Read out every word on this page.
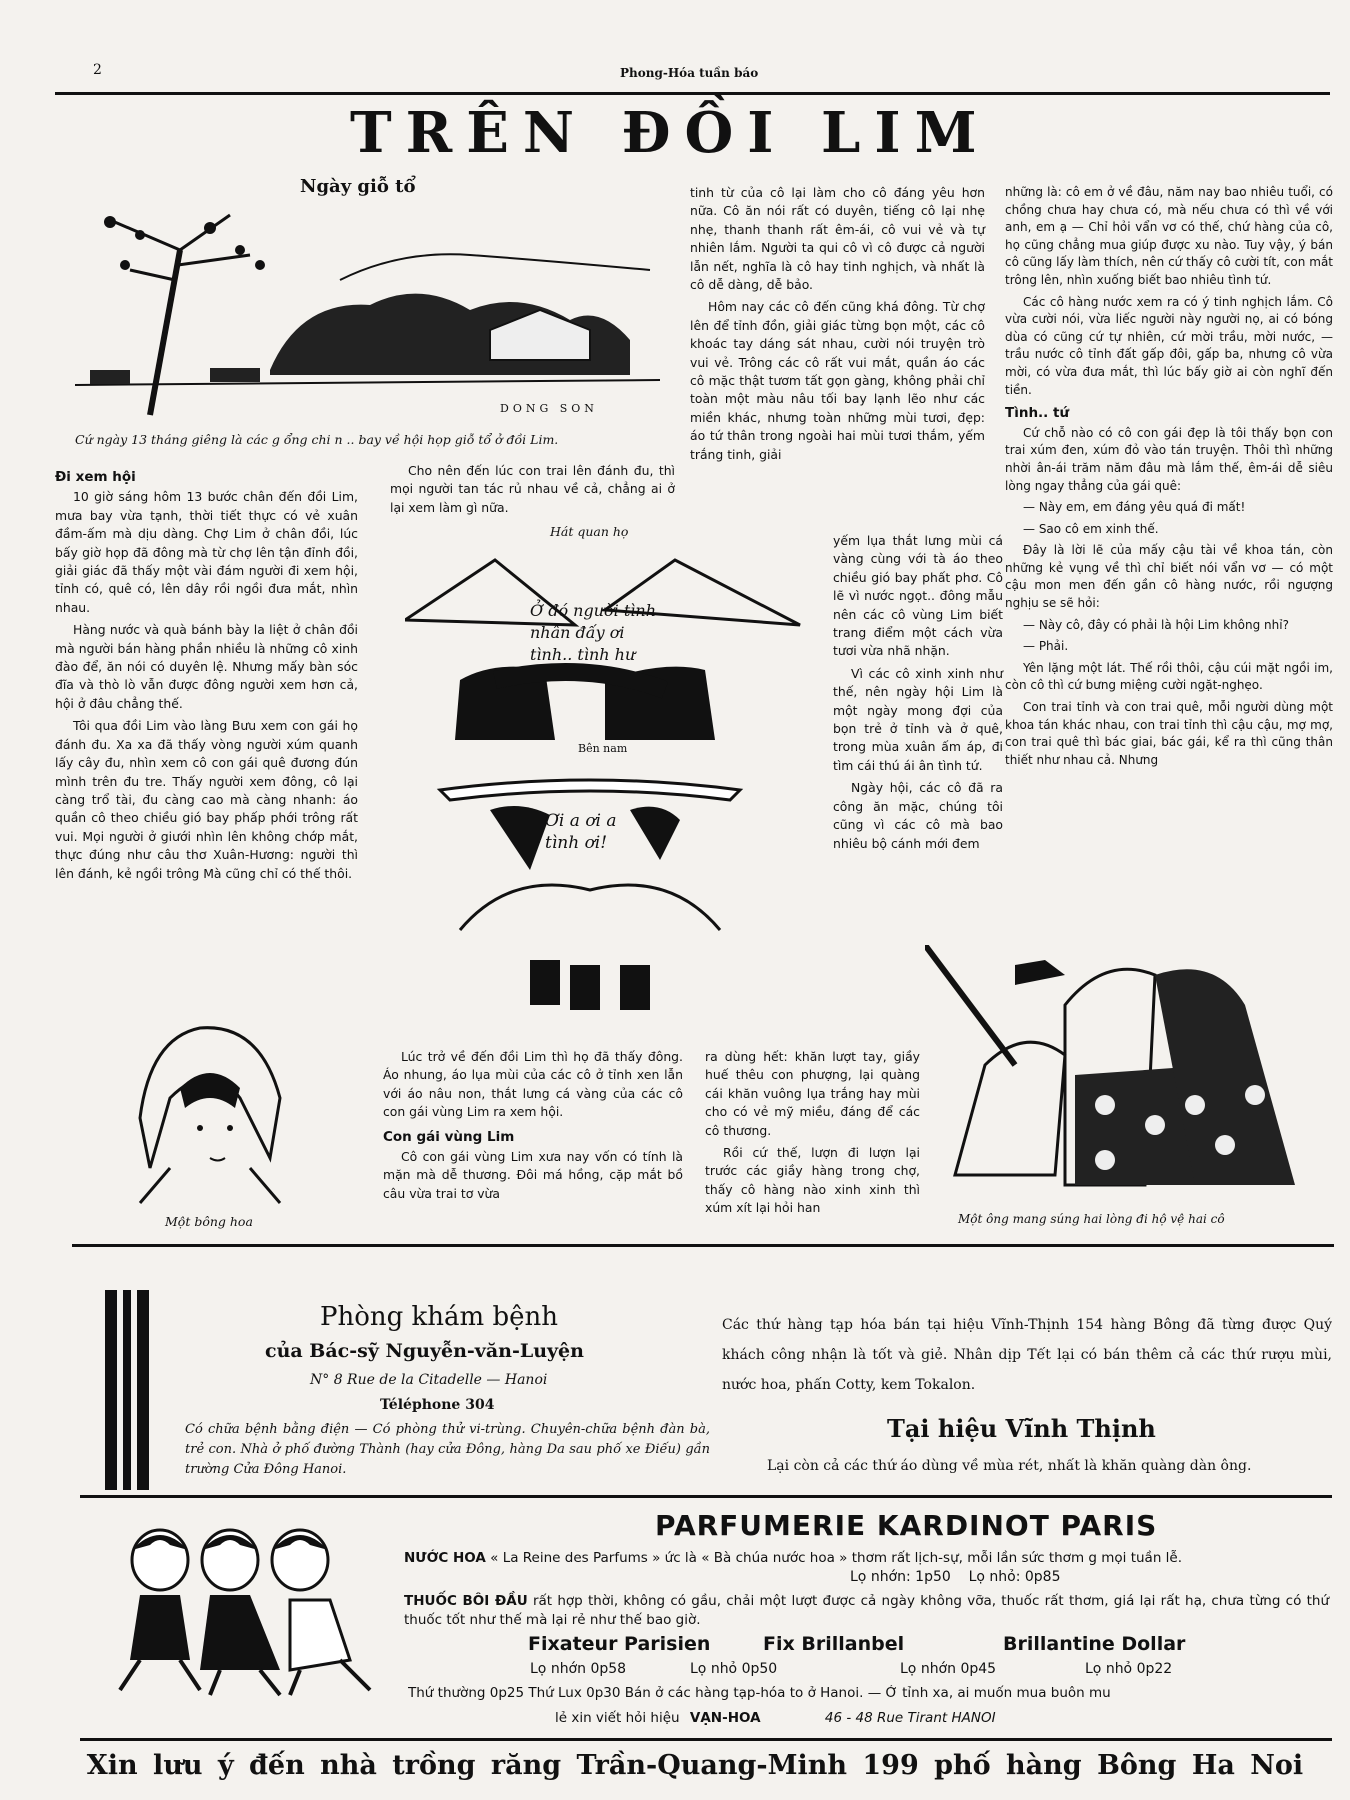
2	Phong-Hóa tuần báo
TRÊN ĐỒI LIM
Ngày giỗ tổ
DONG SON
Cứ ngày 13 tháng giêng là các g ổng chi n .. bay về hội họp giỗ tổ ở đồi Lim.

Đi xem hội

10 giờ sáng hôm 13 bước chân đến đồi Lim, mưa bay vừa tạnh, thời tiết thực có vẻ xuân đầm-ấm mà dịu dàng. Chợ Lim ở chân đồi, lúc bấy giờ họp đã đông mà từ chợ lên tận đỉnh đồi, giải giác đã thấy một vài đám người đi xem hội, tỉnh có, quê có, lên dây rồi ngồi đưa mắt, nhìn nhau.

Hàng nước và quà bánh bày la liệt ở chân đồi mà người bán hàng phần nhiều là những cô xinh đào để, ăn nói có duyên lệ. Nhưng mấy bàn sóc đĩa và thò lò vẫn được đông người xem hơn cả, hội ở đâu chẳng thế.

Tôi qua đồi Lim vào làng Bưu xem con gái họ đánh đu. Xa xa đã thấy vòng người xúm quanh lấy cây đu, nhìn xem cô con gái quê đương đún mình trên đu tre. Thấy người xem đông, cô lại càng trổ tài, đu càng cao mà càng nhanh: áo quần cô theo chiều gió bay phấp phới trông rất vui. Mọi người ở giưới nhìn lên không chớp mắt, thực đúng như câu thơ Xuân-Hương: người thì lên đánh, kẻ ngồi trông Mà cũng chỉ có thế thôi.

Cho nên đến lúc con trai lên đánh đu, thì mọi người tan tác rủ nhau về cả, chẳng ai ở lại xem làm gì nữa.

Hát quan họ
Ở đó người tình nhân đấy ơi tình.. tình hư
Bên nam
Ơi a ơi a tình ơi!

tinh từ của cô lại làm cho cô đáng yêu hơn nữa. Cô ăn nói rất có duyên, tiếng cô lại nhẹ nhẹ, thanh thanh rất êm-ái, cô vui vẻ và tự nhiên lắm. Người ta qui cô vì cô được cả người lẫn nết, nghĩa là cô hay tinh nghịch, và nhất là cô dễ dàng, dễ bảo.

Hôm nay các cô đến cũng khá đông. Từ chợ lên để tỉnh đồn, giải giác từng bọn một, các cô khoác tay dáng sát nhau, cười nói truyện trò vui vẻ. Trông các cô rất vui mắt, quần áo các cô mặc thật tươm tất gọn gàng, không phải chỉ toàn một màu nâu tối bay lạnh lẽo như các miền khác, nhưng toàn những mùi tươi, đẹp: áo tứ thân trong ngoài hai mùi tươi thắm, yếm trắng tinh, giải

yếm lụa thắt lưng mùi cá vàng cùng với tà áo theo chiều gió bay phất phơ. Cô lẽ vì nước ngọt.. đông mẫu nên các cô vùng Lim biết trang điểm một cách vừa tươi vừa nhã nhặn.

Vì các cô xinh xinh như thế, nên ngày hội Lim là một ngày mong đợi của bọn trẻ ở tỉnh và ở quê, trong mùa xuân ấm áp, đi tìm cái thú ái ân tình tứ.

Ngày hội, các cô đã ra công ăn mặc, chúng tôi cũng vì các cô mà bao nhiêu bộ cánh mới đem

những là: cô em ở về đâu, năm nay bao nhiêu tuổi, có chồng chưa hay chưa có, mà nếu chưa có thì về với anh, em ạ — Chỉ hỏi vẩn vơ có thế, chứ hàng của cô, họ cũng chẳng mua giúp được xu nào. Tuy vậy, ý bán cô cũng lấy làm thích, nên cứ thấy cô cười tít, con mắt trông lên, nhìn xuống biết bao nhiêu tình tứ.

Các cô hàng nước xem ra có ý tinh nghịch lắm. Cô vừa cười nói, vừa liếc người này người nọ, ai có bóng dùa có cũng cứ tự nhiên, cứ mời trầu, mời nước, — trầu nước cô tỉnh đất gấp đôi, gấp ba, nhưng cô vừa mời, có vừa đưa mắt, thì lúc bấy giờ ai còn nghĩ đến tiền.

Tình.. tứ

Cứ chỗ nào có cô con gái đẹp là tôi thấy bọn con trai xúm đen, xúm đỏ vào tán truyện. Thôi thì những nhời ân-ái trăm năm đâu mà lắm thế, êm-ái dễ siêu lòng ngay thẳng của gái quê:

— Này em, em đáng yêu quá đi mất!

— Sao cô em xinh thế.

Đây là lời lẽ của mấy cậu tài về khoa tán, còn những kẻ vụng về thì chỉ biết nói vẩn vơ — có một cậu mon men đến gần cô hàng nước, rồi ngượng nghịu se sẽ hỏi:

— Này cô, đây có phải là hội Lim không nhỉ?

— Phải.

Yên lặng một lát. Thế rồi thôi, cậu cúi mặt ngồi im, còn cô thì cứ bưng miệng cười ngặt-nghẹo.

Con trai tỉnh và con trai quê, mỗi người dùng một khoa tán khác nhau, con trai tỉnh thì cậu cậu, mợ mợ, con trai quê thì bác giai, bác gái, kể ra thì cũng thân thiết như nhau cả. Nhưng

Một bông hoa

Lúc trở về đến đồi Lim thì họ đã thấy đông. Áo nhung, áo lụa mùi của các cô ở tỉnh xen lẫn với áo nâu non, thắt lưng cá vàng của các cô con gái vùng Lim ra xem hội.

Con gái vùng Lim

Cô con gái vùng Lim xưa nay vốn có tính là mặn mà dễ thương. Đôi má hồng, cặp mắt bồ câu vừa trai tơ vừa

ra dùng hết: khăn lượt tay, giầy huế thêu con phượng, lại quàng cái khăn vuông lụa trắng hay mùi cho có vẻ mỹ miều, đáng để các cô thương.

Rồi cứ thế, lượn đi lượn lại trước các giầy hàng trong chợ, thấy cô hàng nào xinh xinh thì xúm xít lại hỏi han

Một ông mang súng hai lòng đi hộ vệ hai cô
Phòng khám bệnh
của Bác-sỹ Nguyễn-văn-Luyện
N° 8 Rue de la Citadelle — Hanoi
Téléphone 304
Có chữa bệnh bằng điện — Có phòng thử vi-trùng. Chuyên-chữa bệnh đàn bà, trẻ con. Nhà ở phố đường Thành (hay cửa Đông, hàng Da sau phố xe Điếu) gần trường Cửa Đông Hanoi.
Các thứ hàng tạp hóa bán tại hiệu Vĩnh-Thịnh 154 hàng Bông đã từng được Quý khách công nhận là tốt và giẻ. Nhân dịp Tết lại có bán thêm cả các thứ rượu mùi, nước hoa, phấn Cotty, kem Tokalon.
Tại hiệu Vĩnh Thịnh
Lại còn cả các thứ áo dùng về mùa rét, nhất là khăn quàng dàn ông.
PARFUMERIE KARDINOT PARIS
NƯỚC HOA « La Reine des Parfums » ức là « Bà chúa nước hoa » thơm rất lịch-sự, mỗi lần sức thơm g mọi tuần lễ.
Lọ nhớn: 1p50    Lọ nhỏ: 0p85
THUỐC BÔI ĐẦU rất hợp thời, không có gầu, chải một lượt được cả ngày không vỡa, thuốc rất thơm, giá lại rất hạ, chưa từng có thứ thuốc tốt như thế mà lại rẻ như thế bao giờ.
Fixateur Parisien	Fix Brillanbel	Brillantine Dollar
Lọ nhớn 0p58	Lọ nhỏ 0p50	Lọ nhớn 0p45	Lọ nhỏ 0p22
Thứ thường 0p25 Thứ Lux 0p30 Bán ở các hàng tạp-hóa to ở Hanoi. — Ở tỉnh xa, ai muốn mua buôn mu
lẻ xin viết hỏi hiệu VẠN-HOA	46 - 48 Rue Tirant HANOI
Xin lưu ý đến nhà trồng răng Trần-Quang-Minh 199 phố hàng Bông Ha Noi
